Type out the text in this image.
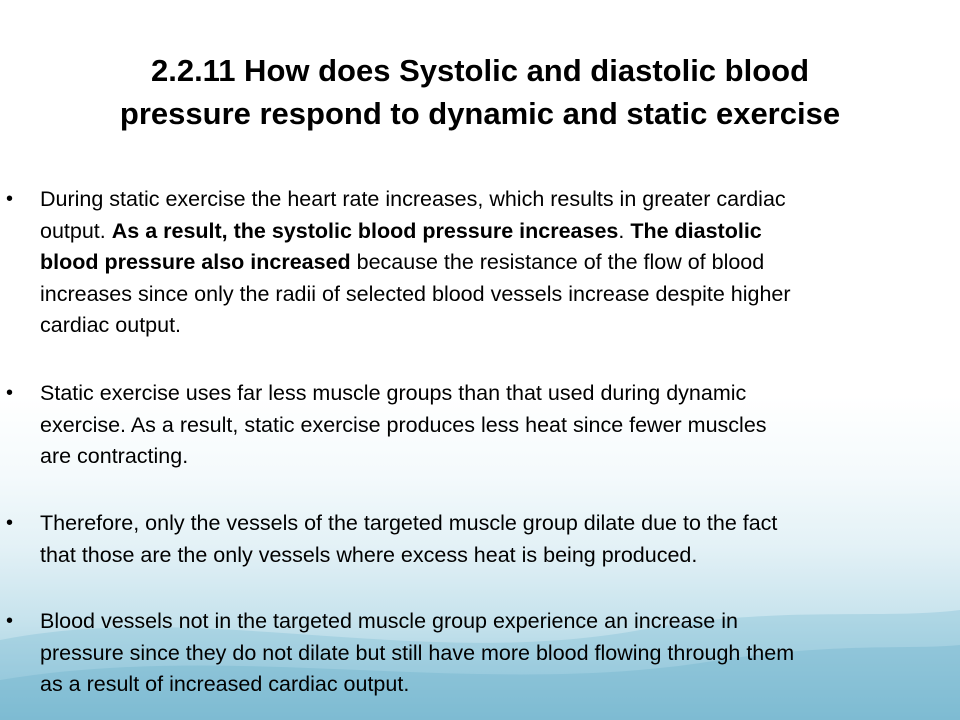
2.2.11 How does Systolic and diastolic blood
pressure respond to dynamic and static exercise
• During static exercise the heart rate increases, which results in greater cardiac
output. As a result, the systolic blood pressure increases. The diastolic
blood pressure also increased because the resistance of the flow of blood
increases since only the radii of selected blood vessels increase despite higher
cardiac output.
• Static exercise uses far less muscle groups than that used during dynamic
exercise. As a result, static exercise produces less heat since fewer muscles
are contracting.
• Therefore, only the vessels of the targeted muscle group dilate due to the fact
that those are the only vessels where excess heat is being produced.
• Blood vessels not in the targeted muscle group experience an increase in
pressure since they do not dilate but still have more blood flowing through them
as a result of increased cardiac output.
